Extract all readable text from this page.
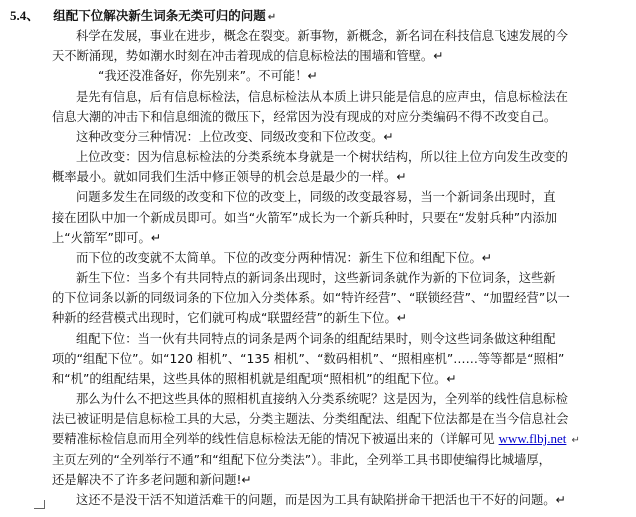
5.4、 组配下位解决新生词条无类可归的问题 ↵
科学在发展，事业在进步，概念在裂变。新事物，新概念，新名词在科技信息飞速发展的今
天不断涌现，势如潮水时刻在冲击着现成的信息标检法的围墙和管壁。↵
“我还没准备好，你先别来”。不可能！↵
是先有信息，后有信息标检法，信息标检法从本质上讲只能是信息的应声虫，信息标检法在
信息大潮的冲击下和信息细流的微压下，经常因为没有现成的对应分类编码不得不改变自己。
这种改变分三种情况：上位改变、同级改变和下位改变。↵
上位改变：因为信息标检法的分类系统本身就是一个树状结构，所以往上位方向发生改变的
概率最小。就如同我们生活中修正领导的机会总是最少的一样。↵
问题多发生在同级的改变和下位的改变上，同级的改变最容易，当一个新词条出现时，直
接在团队中加一个新成员即可。如当“火箭军”成长为一个新兵种时，只要在“发射兵种”内添加
上“火箭军”即可。↵
而下位的改变就不太简单。下位的改变分两种情况：新生下位和组配下位。↵
新生下位：当多个有共同特点的新词条出现时，这些新词条就作为新的下位词条，这些新
的下位词条以新的同级词条的下位加入分类体系。如“特许经营”、“联锁经营”、“加盟经营”以一
种新的经营模式出现时，它们就可构成“联盟经营”的新生下位。↵
组配下位：当一伙有共同特点的词条是两个词条的组配结果时，则令这些词条做这种组配
项的“组配下位”。如“120 相机”、“135 相机”、“数码相机”、“照相座机”……等等都是“照相”
和“机”的组配结果，这些具体的照相机就是组配项“照相机”的组配下位。↵
那么为什么不把这些具体的照相机直接纳入分类系统呢？这是因为，全列举的线性信息标检
法已被证明是信息标检工具的大忌，分类主题法、分类组配法、组配下位法都是在当今信息社会
要精准标检信息而用全列举的线性信息标检法无能的情况下被逼出来的（详解可见 www.flbj.net ↵
主页左列的“全列举行不通”和“组配下位分类法”）。非此，全列举工具书即使编得比城墙厚，
还是解决不了许多老问题和新问题!↵
这还不是没干活不知道活难干的问题，而是因为工具有缺陷拼命干把活也干不好的问题。↵
